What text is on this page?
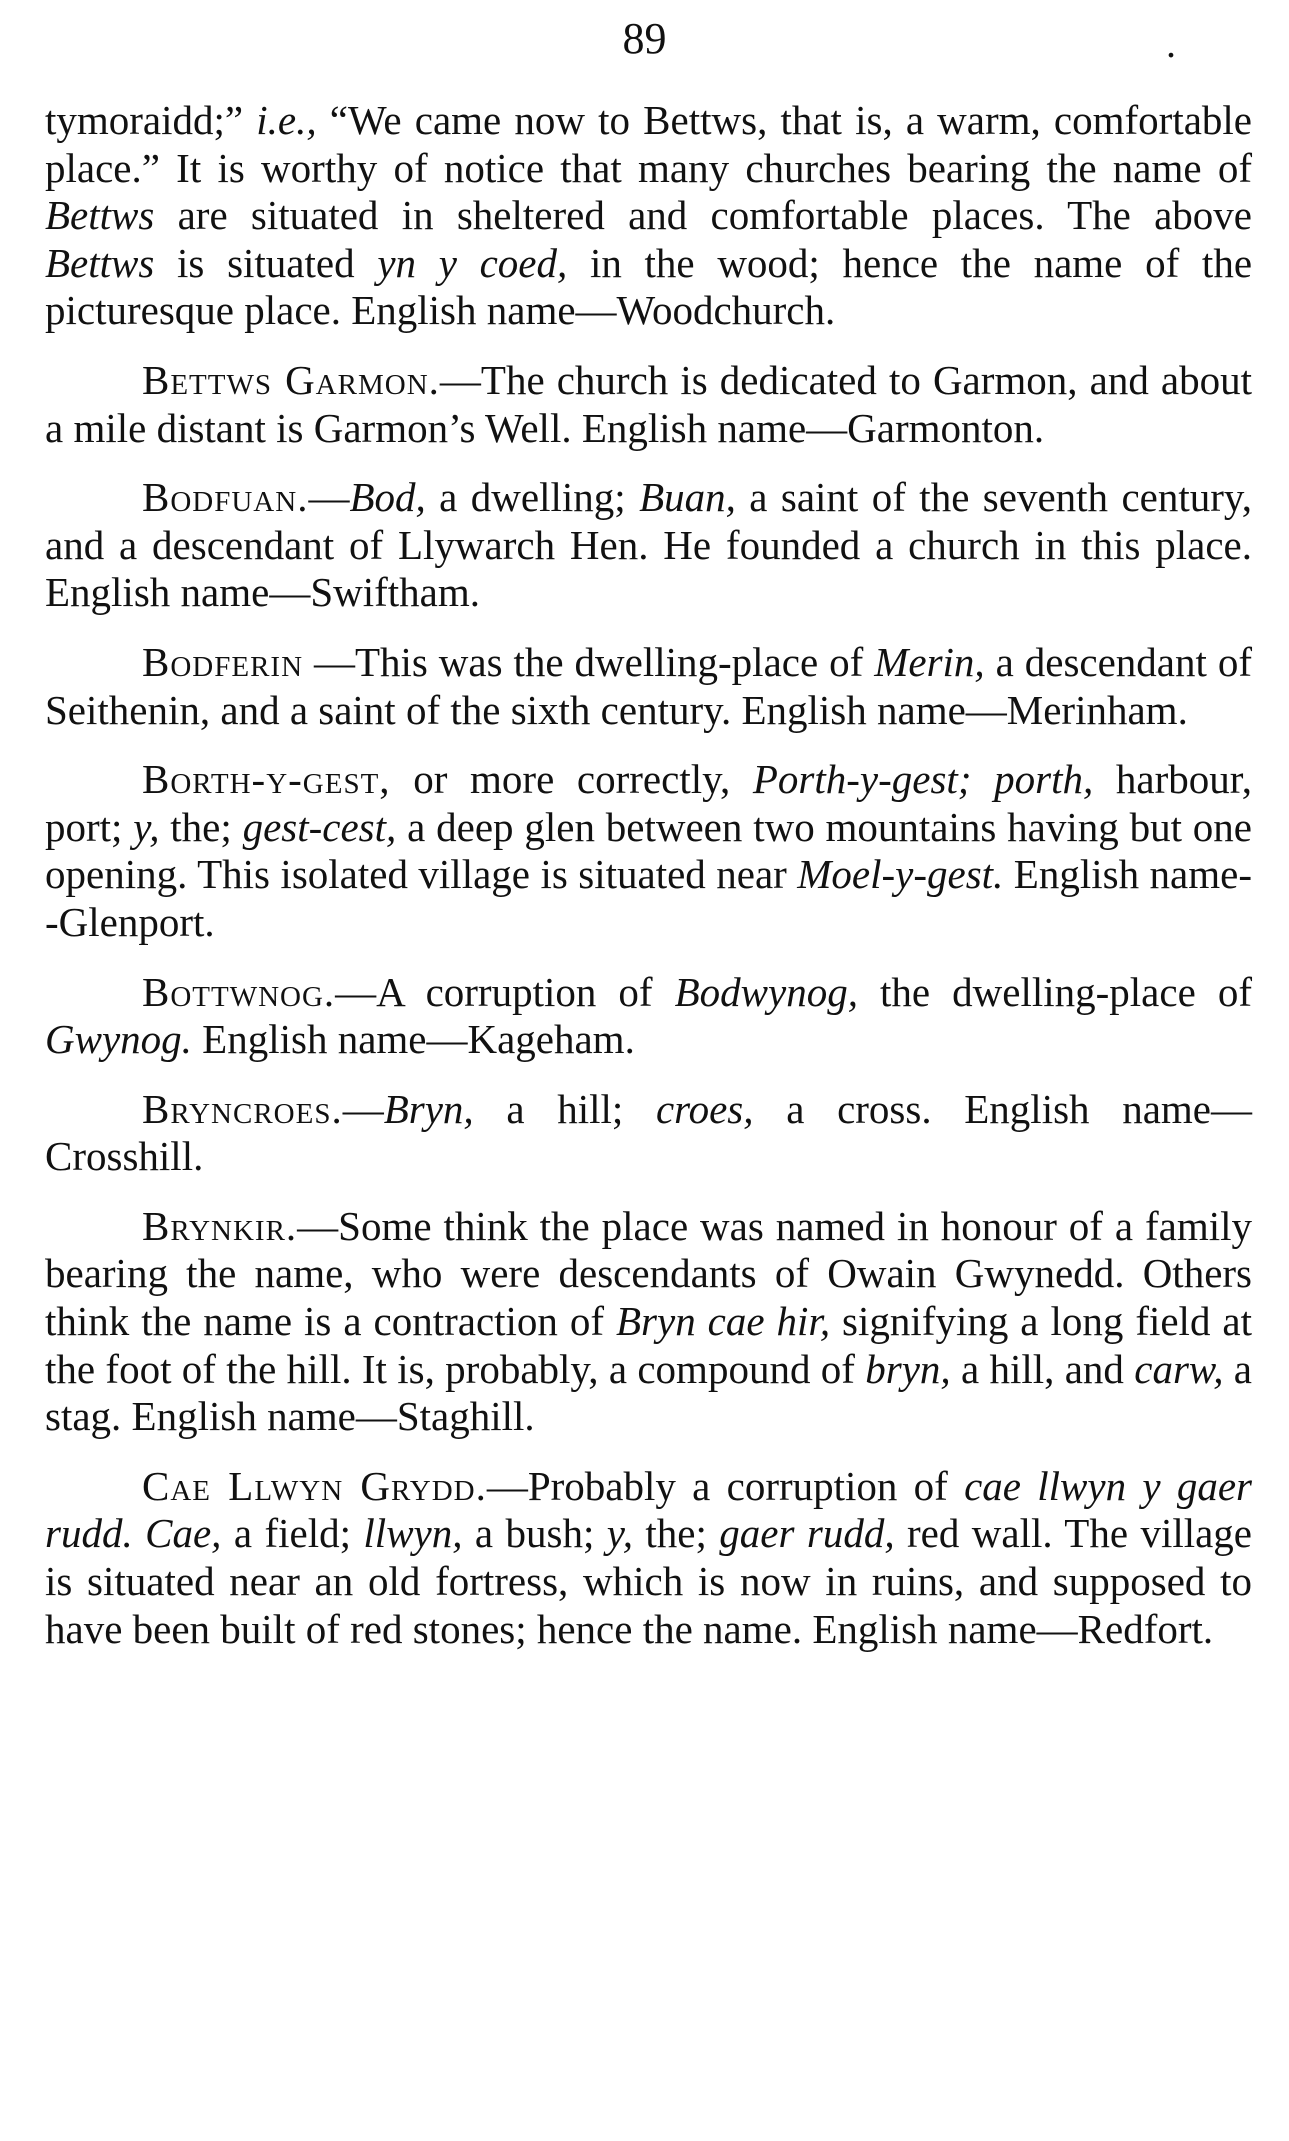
89	.

tymoraidd;” i.e., “We came now to Bettws, that is, a warm, comfortable place.” It is worthy of notice that many churches bearing the name of Bettws are situated in sheltered and comfortable places. The above Bettws is situated yn y coed, in the wood; hence the name of the picturesque place. English name—Woodchurch.

Bettws Garmon.—The church is dedicated to Garmon, and about a mile distant is Garmon’s Well. English name—Garmonton.

Bodfuan.—Bod, a dwelling; Buan, a saint of the seventh century, and a descendant of Llywarch Hen. He founded a church in this place. English name—Swiftham.

Bodferin —This was the dwelling-place of Merin, a descendant of Seithenin, and a saint of the sixth century. English name—Merinham.

Borth-y-gest, or more correctly, Porth-y-gest; porth, harbour, port; y, the; gest-cest, a deep glen between two mountains having but one opening. This isolated village is situated near Moel-y-gest. English name- -Glenport.

Bottwnog.—A corruption of Bodwynog, the dwelling-place of Gwynog. English name—Kageham.

Bryncroes.—Bryn, a hill; croes, a cross. English name—Crosshill.

Brynkir.—Some think the place was named in honour of a family bearing the name, who were descendants of Owain Gwynedd. Others think the name is a contraction of Bryn cae hir, signifying a long field at the foot of the hill. It is, probably, a compound of bryn, a hill, and carw, a stag. English name—Staghill.

Cae Llwyn Grydd.—Probably a corruption of cae llwyn y gaer rudd. Cae, a field; llwyn, a bush; y, the; gaer rudd, red wall. The village is situated near an old fortress, which is now in ruins, and supposed to have been built of red stones; hence the name. English name—Redfort.
